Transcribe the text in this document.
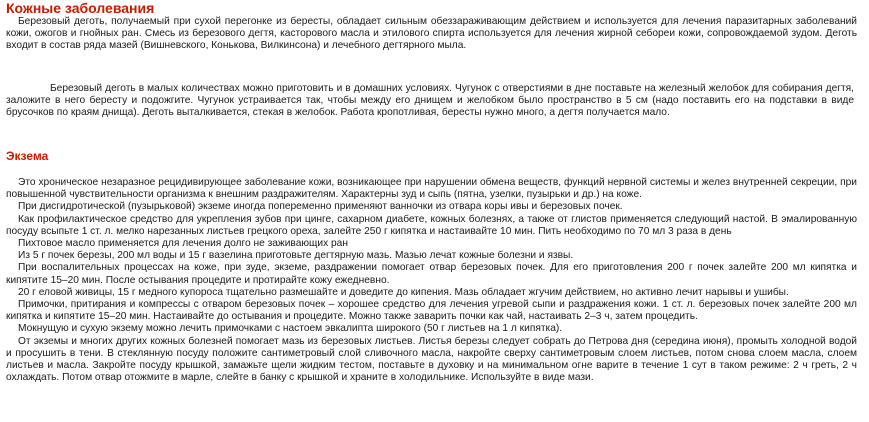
Кожные заболевания

Березовый деготь, получаемый при сухой перегонке из бересты, обладает сильным обеззараживающим действием и используется для лечения паразитарных заболеваний кожи, ожогов и гнойных ран. Смесь из березового дегтя, касторового масла и этилового спирта используется для лечения жирной себореи кожи, сопровождаемой зудом. Деготь входит в состав ряда мазей (Вишневского, Конькова, Вилкинсона) и лечебного дегтярного мыла.

Березовый деготь в малых количествах можно приготовить и в домашних условиях. Чугунок с отверстиями в дне поставьте на железный желобок для собирания дегтя, заложите в него бересту и подожгите. Чугунок устраивается так, чтобы между его днищем и желобком было пространство в 5 см (надо поставить его на подставки в виде брусочков по краям днища). Деготь выталкивается, стекая в желобок. Работа кропотливая, бересты нужно много, а дегтя получается мало.

Экзема

Это хроническое незаразное рецидивирующее заболевание кожи, возникающее при нарушении обмена веществ, функций нервной системы и желез внутренней секреции, при повышенной чувствительности организма к внешним раздражителям. Характерны зуд и сыпь (пятна, узелки, пузырьки и др.) на коже.

При дисгидротической (пузырьковой) экземе иногда попеременно применяют ванночки из отвара коры ивы и березовых почек.

Как профилактическое средство для укрепления зубов при цинге, сахарном диабете, кожных болезнях, а также от глистов применяется следующий настой. В эмалированную посуду всыпьте 1 ст. л. мелко нарезанных листьев грецкого ореха, залейте 250 г кипятка и настаивайте 10 мин. Пить необходимо по 70 мл 3 раза в день

Пихтовое масло применяется для лечения долго не заживающих ран

Из 5 г почек березы, 200 мл воды и 15 г вазелина приготовьте дегтярную мазь. Мазью лечат кожные болезни и язвы.

При воспалительных процессах на коже, при зуде, экземе, раздражении помогает отвар березовых почек. Для его приготовления 200 г почек залейте 200 мл кипятка и кипятите 15–20 мин. После остывания процедите и протирайте кожу ежедневно.

20 г еловой живицы, 15 г медного купороса тщательно размешайте и доведите до кипения. Мазь обладает жгучим действием, но активно лечит нарывы и ушибы.

Примочки, притирания и компрессы с отваром березовых почек – хорошее средство для лечения угревой сыпи и раздражения кожи. 1 ст. л. березовых почек залейте 200 мл кипятка и кипятите 15–20 мин. Настаивайте до остывания и процедите. Можно также заварить почки как чай, настаивать 2–3 ч, затем процедить.

Мокнущую и сухую экзему можно лечить примочками с настоем эвкалипта широкого (50 г листьев на 1 л кипятка).

От экземы и многих других кожных болезней помогает мазь из березовых листьев. Листья березы следует собрать до Петрова дня (середина июня), промыть холодной водой и просушить в тени. В стеклянную посуду положите сантиметровый слой сливочного масла, накройте сверху сантиметровым слоем листьев, потом снова слоем масла, слоем листьев и масла. Закройте посуду крышкой, замажьте щели жидким тестом, поставьте в духовку и на минимальном огне варите в течение 1 сут в таком режиме: 2 ч греть, 2 ч охлаждать. Потом отвар отожмите в марле, слейте в банку с крышкой и храните в холодильнике. Используйте в виде мази.
